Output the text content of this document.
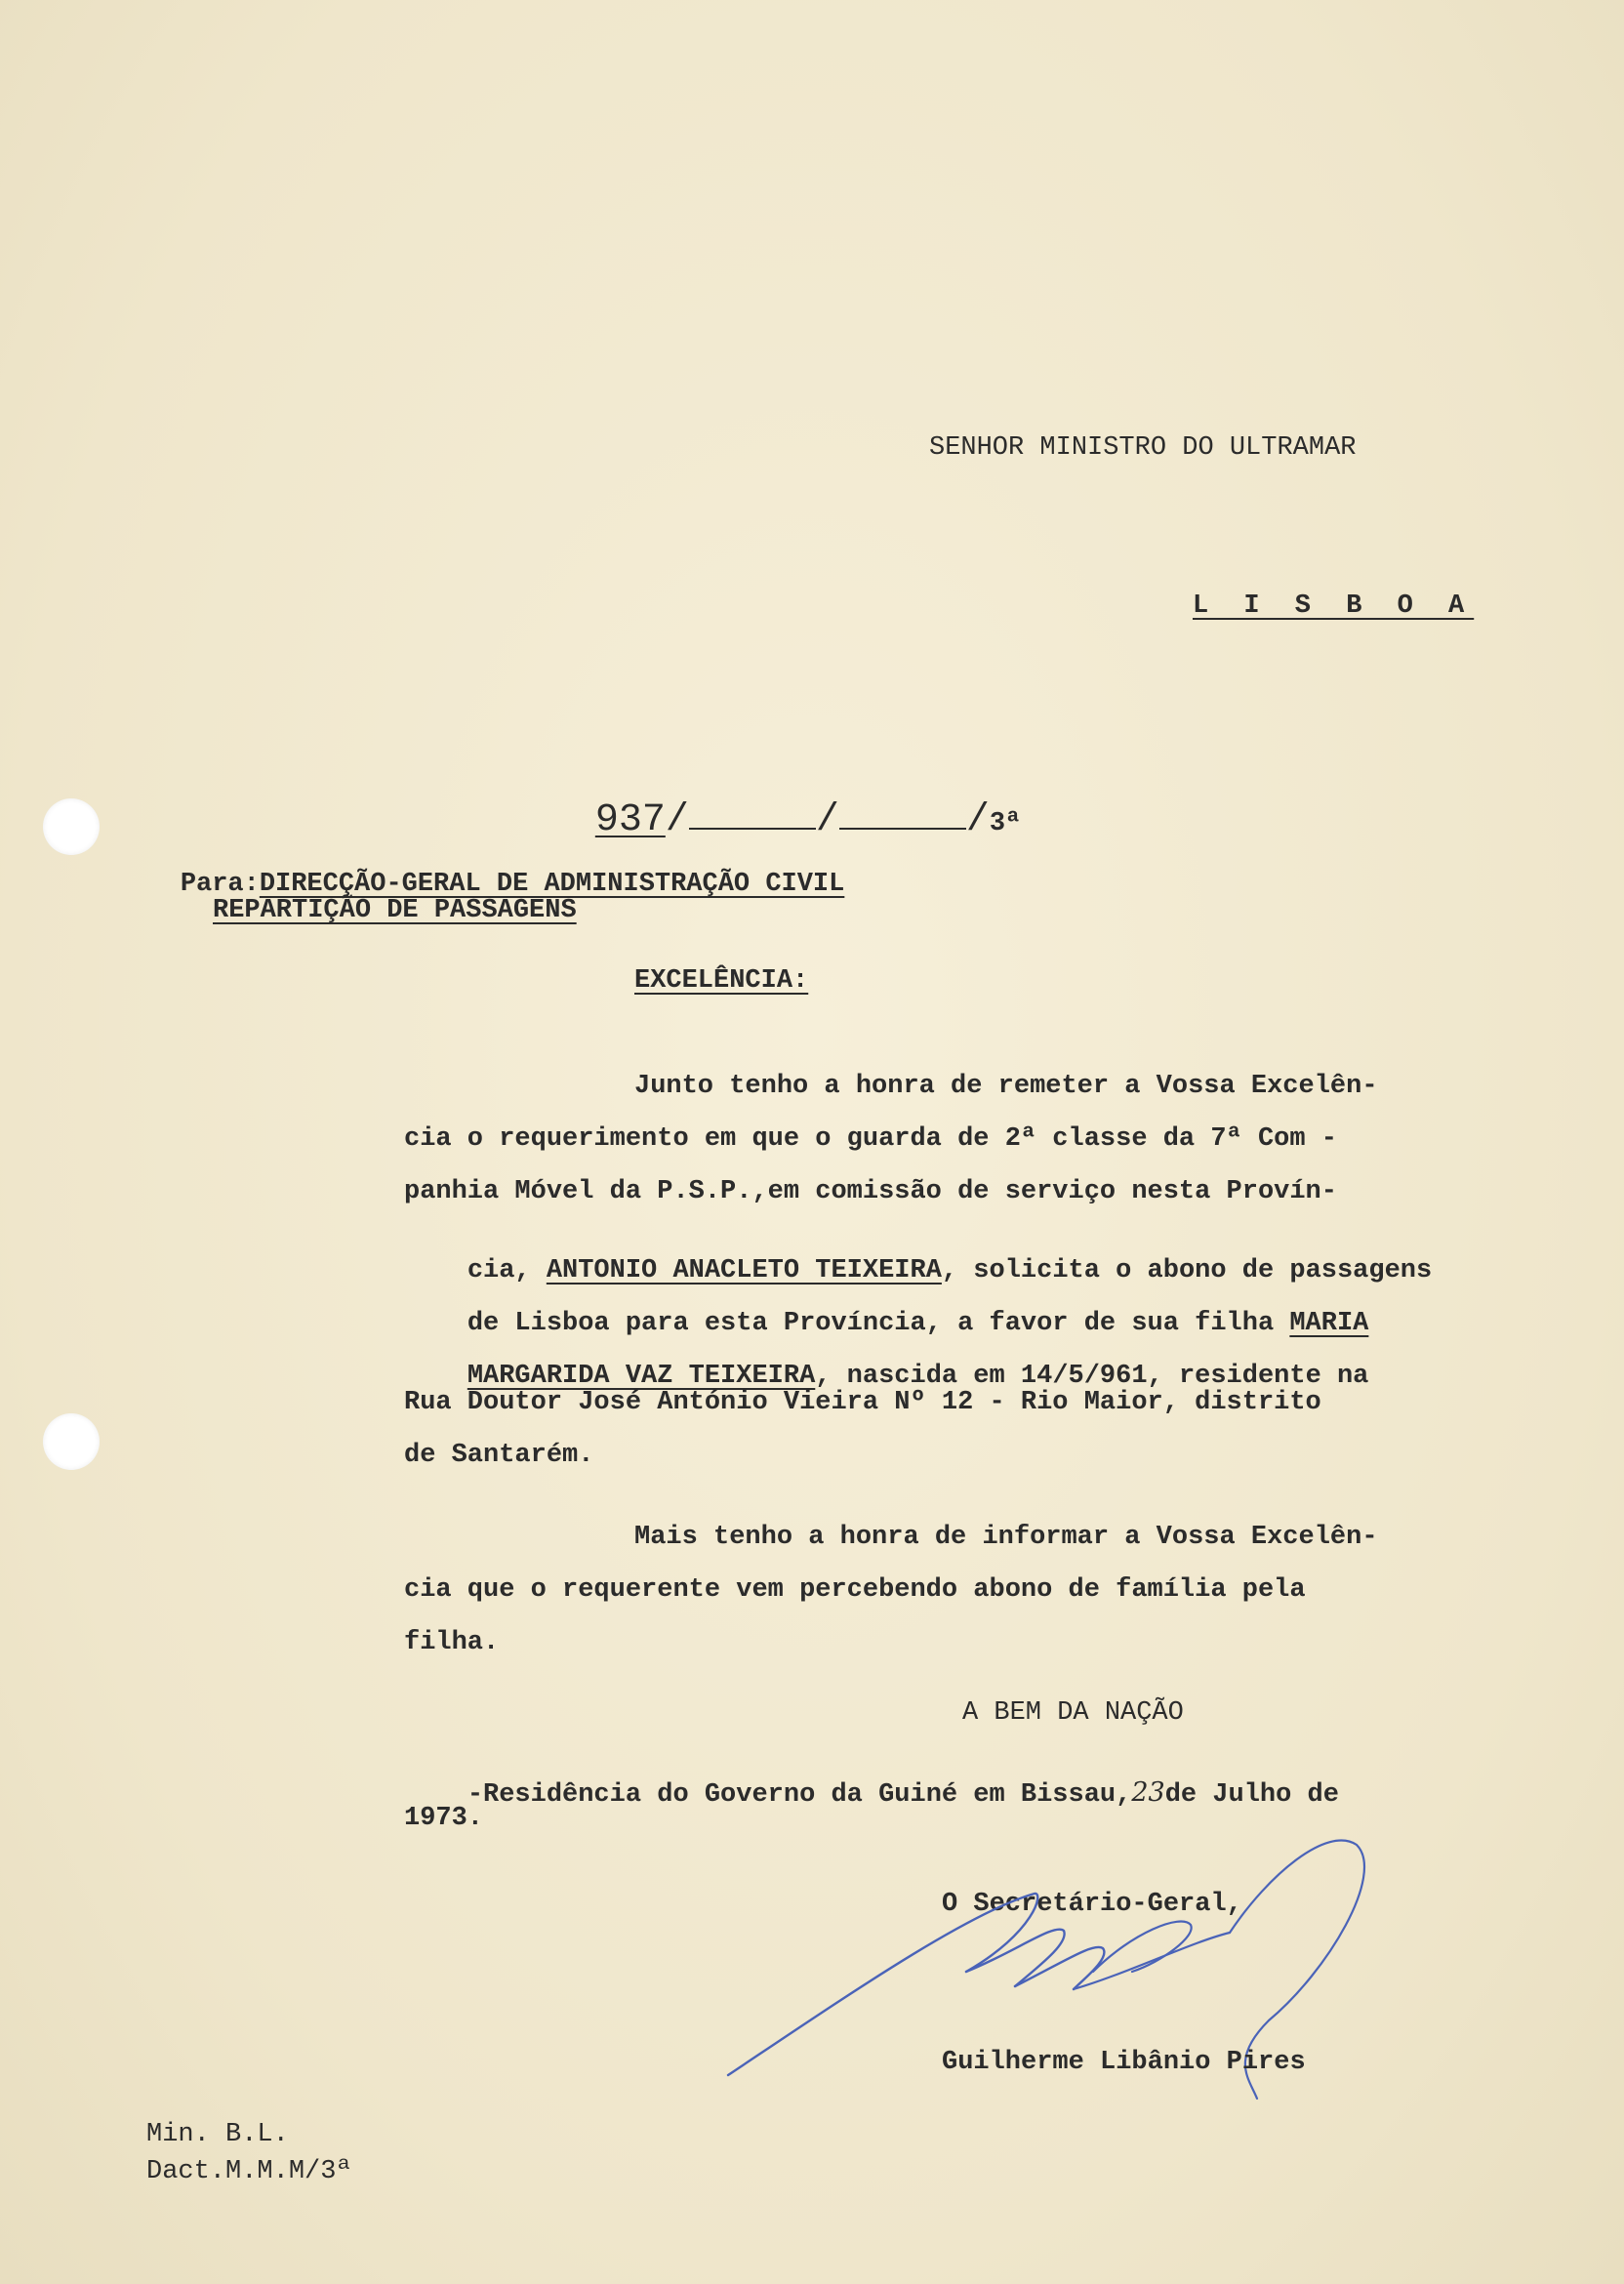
SENHOR MINISTRO DO ULTRAMAR
L I S B O A

937/	/	/3ª

Para:DIRECÇÃO-GERAL DE ADMINISTRAÇÃO CIVIL

REPARTIÇÃO DE PASSAGENS
EXCELÊNCIA:
Junto tenho a honra de remeter a Vossa Excelên-
cia o requerimento em que o guarda de 2ª classe da 7ª Com -
panhia Móvel da P.S.P.,em comissão de serviço nesta Provín-

cia, ANTONIO ANACLETO TEIXEIRA, solicita o abono de passagens

de Lisboa para esta Província, a favor de sua filha MARIA

MARGARIDA VAZ TEIXEIRA, nascida em 14/5/961, residente na

Rua Doutor José António Vieira Nº 12 - Rio Maior, distrito
de Santarém.
Mais tenho a honra de informar a Vossa Excelên-
cia que o requerente vem percebendo abono de família pela
filha.
A BEM DA NAÇÃO

-Residência do Governo da Guiné em Bissau,23de Julho de

1973.
O Secretário-Geral,
Guilherme Libânio Pires
Min. B.L.
Dact.M.M.M/3ª
